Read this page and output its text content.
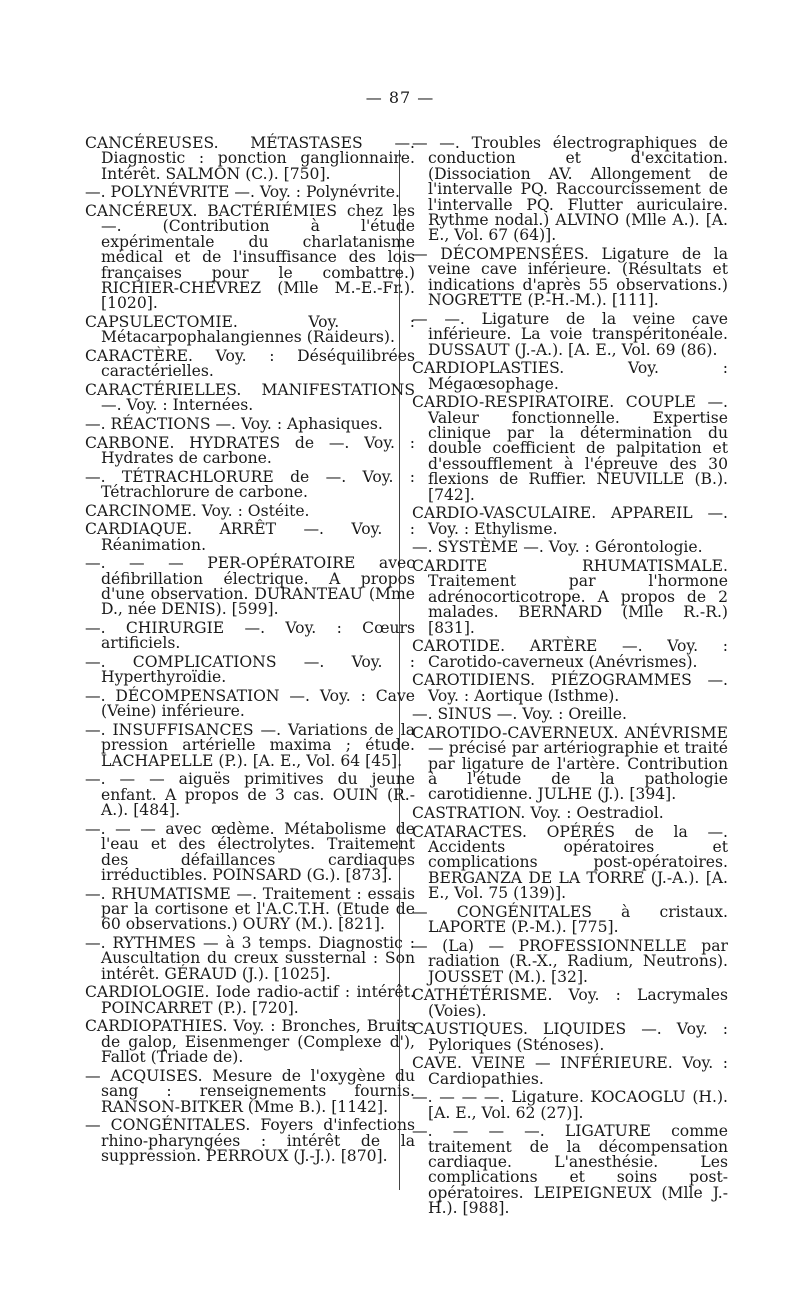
— 87 —

CANCÉREUSES. MÉTASTASES —. Diagnostic : ponction ganglionnaire. Intérêt. SALMON (C.). [750].

—. POLYNÉVRITE —. Voy. : Polynévrite.

CANCÉREUX. BACTÉRIÉMIES chez les —. (Contribution à l'étude expérimentale du charlatanisme médical et de l'insuffisance des lois françaises pour le combattre.) RICHIER-CHEVREZ (Mlle M.-E.-Fr.). [1020].

CAPSULECTOMIE. Voy. : Métacarpophalangiennes (Raideurs).

CARACTÈRE. Voy. : Déséquilibrées caractérielles.

CARACTÉRIELLES. MANIFESTATIONS —. Voy. : Internées.

—. RÉACTIONS —. Voy. : Aphasiques.

CARBONE. HYDRATES de —. Voy. : Hydrates de carbone.

—. TÉTRACHLORURE de —. Voy. : Tétrachlorure de carbone.

CARCINOME. Voy. : Ostéite.

CARDIAQUE. ARRÊT —. Voy. : Réanimation.

—. — — PER-OPÉRATOIRE avec défibrillation électrique. A propos d'une observation. DURANTEAU (Mme D., née DENIS). [599].

—. CHIRURGIE —. Voy. : Cœurs artificiels.

—. COMPLICATIONS —. Voy. : Hyperthyroïdie.

—. DÉCOMPENSATION —. Voy. : Cave (Veine) inférieure.

—. INSUFFISANCES —. Variations de la pression artérielle maxima ; étude. LACHAPELLE (P.). [A. E., Vol. 64 [45].

—. — — aiguës primitives du jeune enfant. A propos de 3 cas. OUIN (R.-A.). [484].

—. — — avec œdème. Métabolisme de l'eau et des électrolytes. Traitement des défaillances cardiaques irréductibles. POINSARD (G.). [873].

—. RHUMATISME —. Traitement : essais par la cortisone et l'A.C.T.H. (Etude de 60 observations.) OURY (M.). [821].

—. RYTHMES — à 3 temps. Diagnostic : Auscultation du creux sussternal : Son intérêt. GÉRAUD (J.). [1025].

CARDIOLOGIE. Iode radio-actif : intérêt. POINCARRET (P.). [720].

CARDIOPATHIES. Voy. : Bronches, Bruits de galop, Eisenmenger (Complexe d'), Fallot (Triade de).

— ACQUISES. Mesure de l'oxygène du sang : renseignements fournis. RANSON-BITKER (Mme B.). [1142].

— CONGÉNITALES. Foyers d'infections rhino-pharyngées : intérêt de la suppression. PERROUX (J.-J.). [870].

— —. Troubles électrographiques de conduction et d'excitation. (Dissociation AV. Allongement de l'intervalle PQ. Raccourcissement de l'intervalle PQ. Flutter auriculaire. Rythme nodal.) ALVINO (Mlle A.). [A. E., Vol. 67 (64)].

— DÉCOMPENSÉES. Ligature de la veine cave inférieure. (Résultats et indications d'après 55 observations.) NOGRETTE (P.-H.-M.). [111].

— —. Ligature de la veine cave inférieure. La voie transpéritonéale. DUSSAUT (J.-A.). [A. E., Vol. 69 (86).

CARDIOPLASTIES. Voy. : Mégaœsophage.

CARDIO-RESPIRATOIRE. COUPLE —. Valeur fonctionnelle. Expertise clinique par la détermination du double coefficient de palpitation et d'essoufflement à l'épreuve des 30 flexions de Ruffier. NEUVILLE (B.). [742].

CARDIO-VASCULAIRE. APPAREIL —. Voy. : Ethylisme.

—. SYSTÈME —. Voy. : Gérontologie.

CARDITE RHUMATISMALE. Traitement par l'hormone adrénocorticotrope. A propos de 2 malades. BERNARD (Mlle R.-R.) [831].

CAROTIDE. ARTÈRE —. Voy. : Carotido-caverneux (Anévrismes).

CAROTIDIENS. PIÉZOGRAMMES —. Voy. : Aortique (Isthme).

—. SINUS —. Voy. : Oreille.

CAROTIDO-CAVERNEUX. ANÉVRISME — précisé par artériographie et traité par ligature de l'artère. Contribution à l'étude de la pathologie carotidienne. JULHE (J.). [394].

CASTRATION. Voy. : Oestradiol.

CATARACTES. OPÉRÉS de la —. Accidents opératoires et complications post-opératoires. BERGANZA DE LA TORRE (J.-A.). [A. E., Vol. 75 (139)].

— CONGÉNITALES à cristaux. LAPORTE (P.-M.). [775].

— (La) — PROFESSIONNELLE par radiation (R.-X., Radium, Neutrons). JOUSSET (M.). [32].

CATHÉTÉRISME. Voy. : Lacrymales (Voies).

CAUSTIQUES. LIQUIDES —. Voy. : Pyloriques (Sténoses).

CAVE. VEINE — INFÉRIEURE. Voy. : Cardiopathies.

—. — — —. Ligature. KOCAOGLU (H.). [A. E., Vol. 62 (27)].

—. — — —. LIGATURE comme traitement de la décompensation cardiaque. L'anesthésie. Les complications et soins post-opératoires. LEIPEIGNEUX (Mlle J.-H.). [988].
